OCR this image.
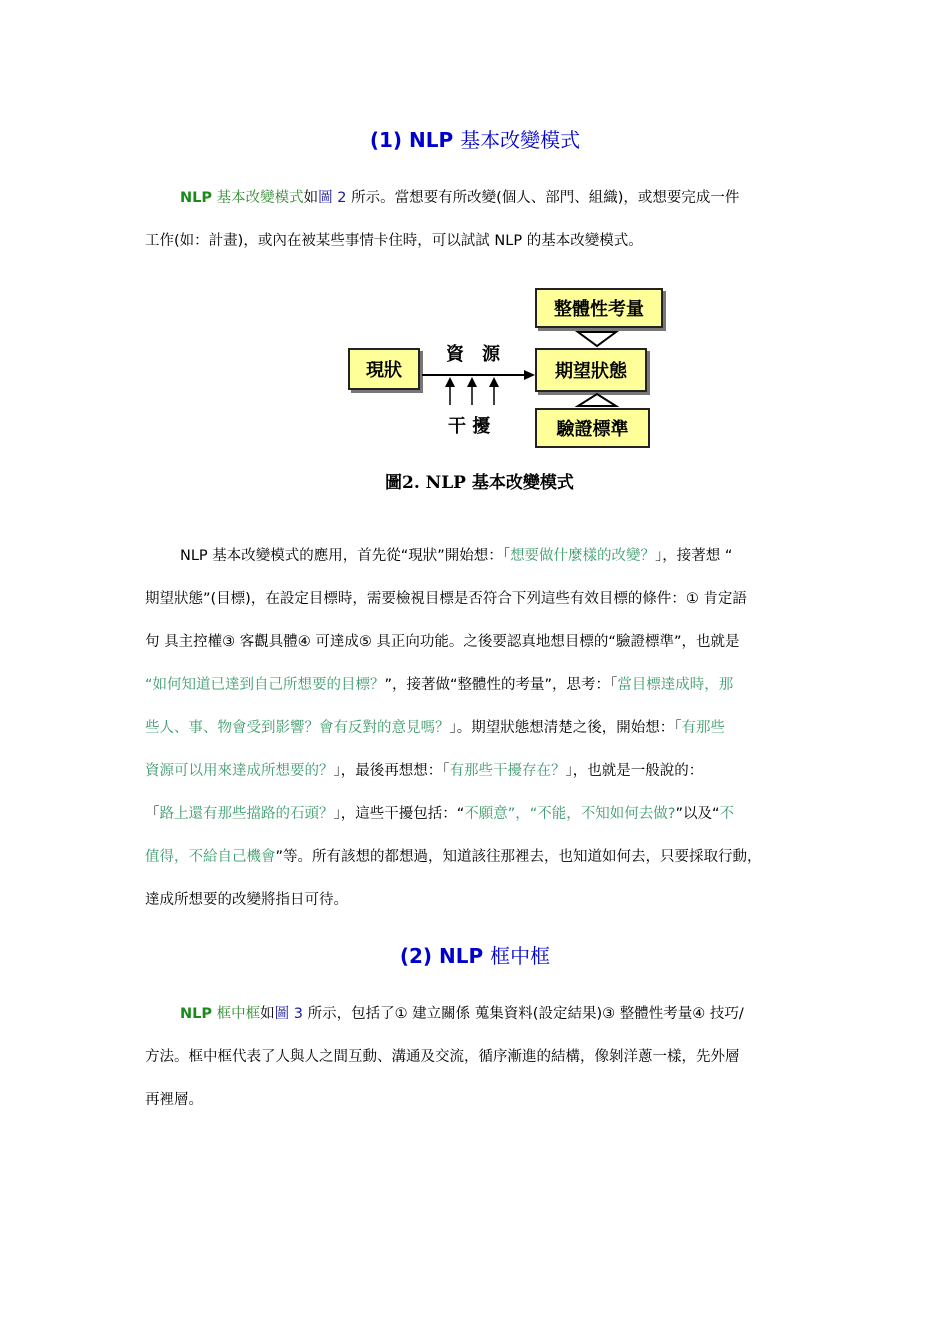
(1) NLP 基本改變模式
NLP 基本改變模式如圖 2 所示。當想要有所改變(個人、部門、組織)，或想要完成一件
工作(如：計畫)，或內在被某些事情卡住時，可以試試 NLP 的基本改變模式。
整體性考量
現狀	期望狀態
驗證標準
資　源
干 擾
圖2. NLP 基本改變模式
NLP 基本改變模式的應用，首先從“現狀”開始想：「想要做什麼樣的改變？」，接著想 “
期望狀態”(目標)，在設定目標時，需要檢視目標是否符合下列這些有效目標的條件：① 肯定語
句 具主控權③ 客觀具體④ 可達成⑤ 具正向功能。之後要認真地想目標的“驗證標準”，也就是
“如何知道已達到自己所想要的目標？”，接著做“整體性的考量”，思考：「當目標達成時，那
些人、事、物會受到影響？會有反對的意見嗎？」。期望狀態想清楚之後，開始想：「有那些
資源可以用來達成所想要的？」，最後再想想：「有那些干擾存在？」，也就是一般說的：
「路上還有那些擋路的石頭？」，這些干擾包括：“不願意”，“不能，不知如何去做?”以及“不
值得，不給自己機會”等。所有該想的都想過，知道該往那裡去，也知道如何去，只要採取行動，
達成所想要的改變將指日可待。
(2) NLP 框中框
NLP 框中框如圖 3 所示，包括了① 建立關係 蒐集資料(設定結果)③ 整體性考量④ 技巧/
方法。框中框代表了人與人之間互動、溝通及交流，循序漸進的結構，像剝洋蔥一樣，先外層
再裡層。
